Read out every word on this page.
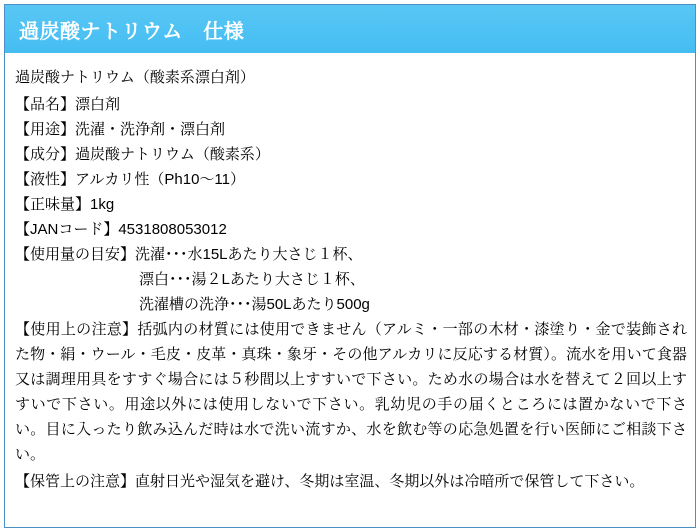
過炭酸ナトリウム　仕様
過炭酸ナトリウム（酸素系漂白剤）
【品名】漂白剤
【用途】洗濯・洗浄剤・漂白剤
【成分】過炭酸ナトリウム（酸素系）
【液性】アルカリ性（Ph10〜11）
【正味量】1kg
【JANコード】4531808053012
【使用量の目安】洗濯･･･水15Lあたり大さじ１杯、
漂白･･･湯２Lあたり大さじ１杯、
洗濯槽の洗浄･･･湯50Lあたり500g
【使用上の注意】括弧内の材質には使用できません（アルミ・一部の木材・漆塗り・金で装飾された物・絹・ウール・毛皮・皮革・真珠・象牙・その他アルカリに反応する材質）。流水を用いて食器又は調理用具をすすぐ場合には５秒間以上すすいで下さい。ため水の場合は水を替えて２回以上すすいで下さい。用途以外には使用しないで下さい。乳幼児の手の届くところには置かないで下さい。目に入ったり飲み込んだ時は水で洗い流すか、水を飲む等の応急処置を行い医師にご相談下さい。
【保管上の注意】直射日光や湿気を避け、冬期は室温、冬期以外は冷暗所で保管して下さい。
